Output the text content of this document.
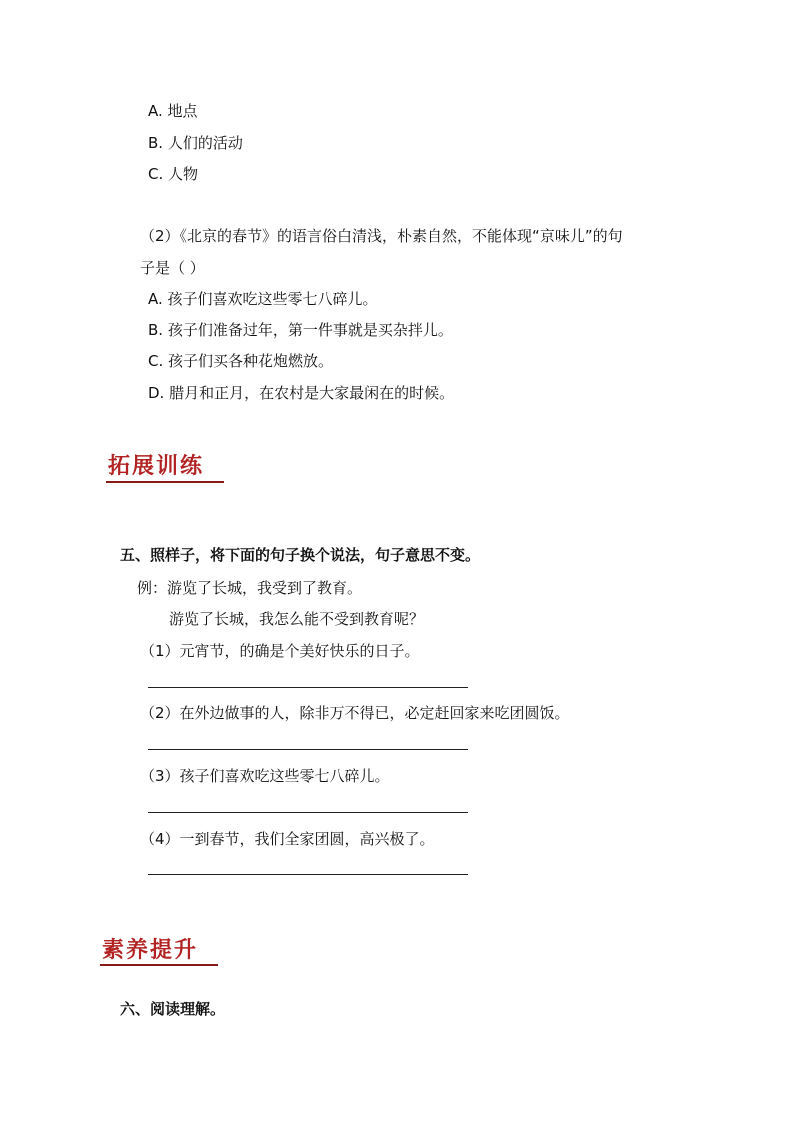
A. 地点
B. 人们的活动
C. 人物
（2）《北京的春节》的语言俗白清浅，朴素自然，不能体现“京味儿”的句
子是（ ）
A. 孩子们喜欢吃这些零七八碎儿。
B. 孩子们准备过年，第一件事就是买杂拌儿。
C. 孩子们买各种花炮燃放。
D. 腊月和正月，在农村是大家最闲在的时候。
拓展训练
五、照样子，将下面的句子换个说法，句子意思不变。
例：游览了长城，我受到了教育。
游览了长城，我怎么能不受到教育呢？
（1）元宵节，的确是个美好快乐的日子。
（2）在外边做事的人，除非万不得已，必定赶回家来吃团圆饭。
（3）孩子们喜欢吃这些零七八碎儿。
（4）一到春节，我们全家团圆，高兴极了。
素养提升
六、阅读理解。
